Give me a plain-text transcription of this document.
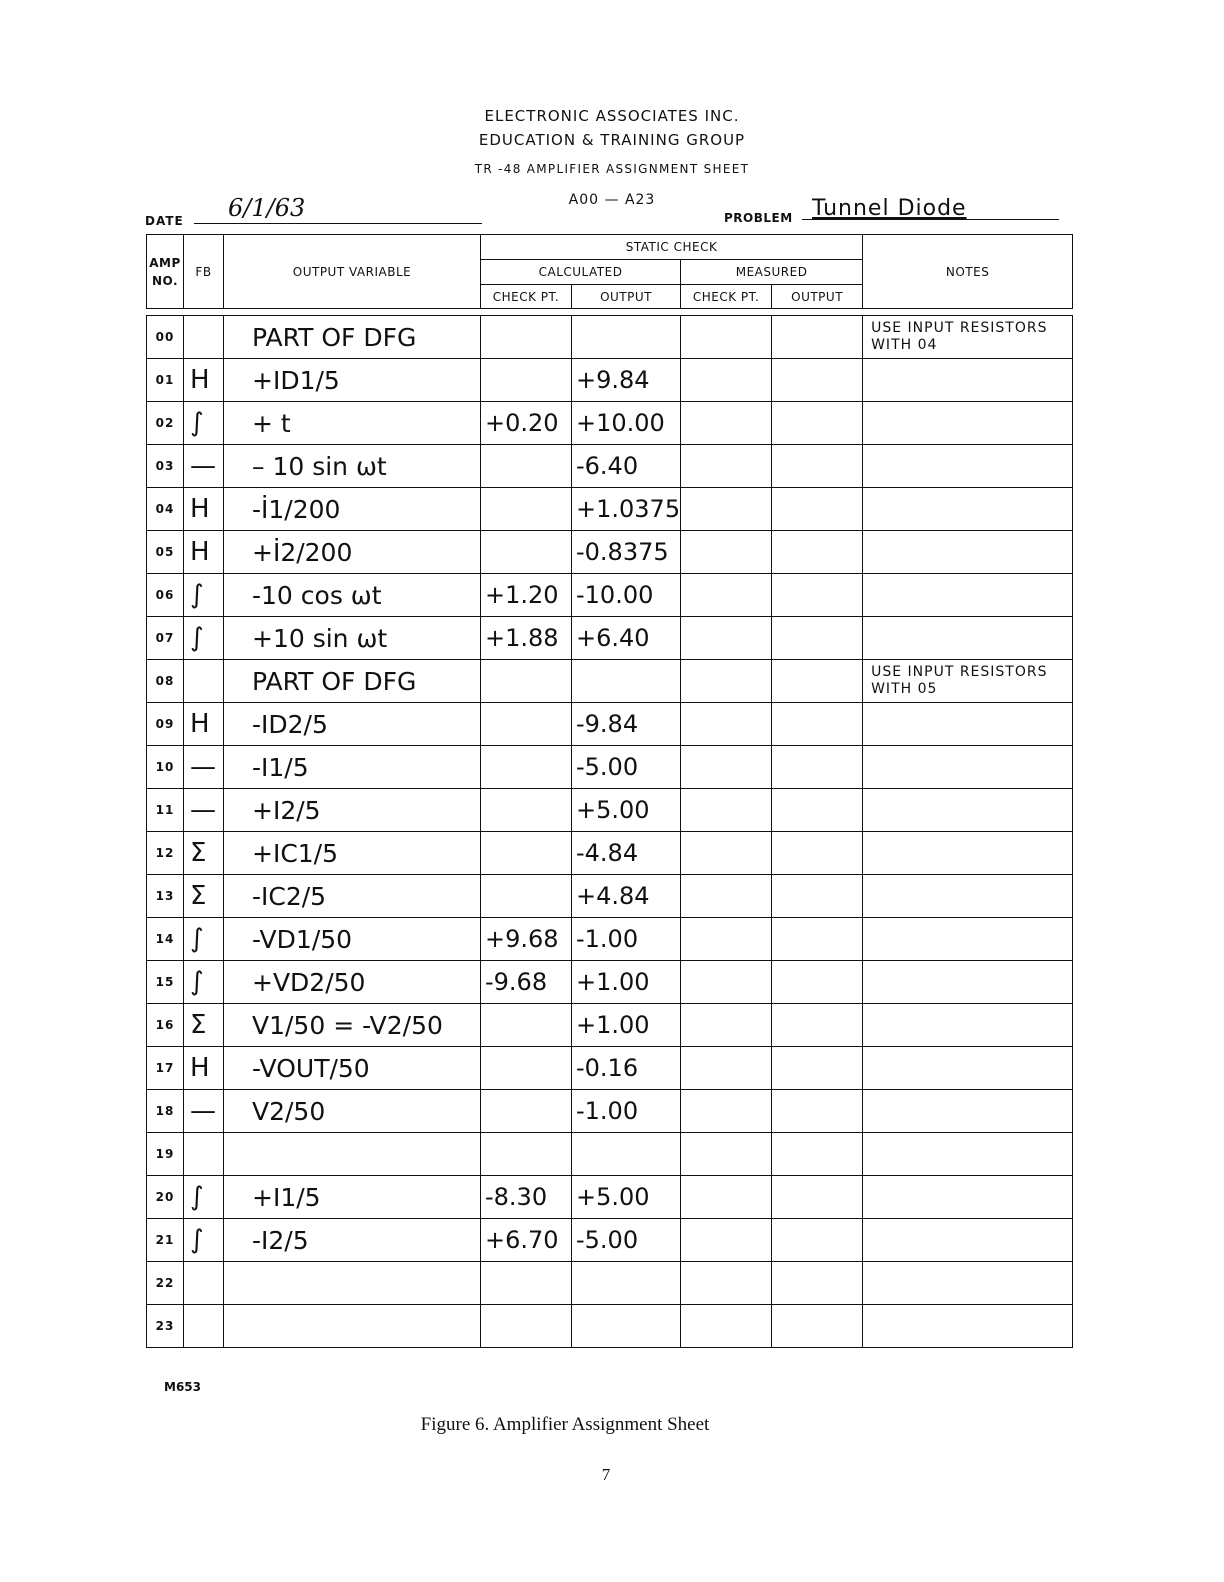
ELECTRONIC ASSOCIATES INC.
EDUCATION & TRAINING GROUP
TR -48 AMPLIFIER ASSIGNMENT SHEET
A00 — A23
DATE 6/1/63	PROBLEM Tunnel Diode
AMP NO.	FB	OUTPUT VARIABLE	STATIC CHECK				NOTES
			CALCULATED		MEASURED		
			CHECK PT.	OUTPUT	CHECK PT.	OUTPUT	

00		PART OF DFG					USE INPUT RESISTORS WITH 04
01	H	+ID1/5		+9.84			
02	∫	+ t	+0.20	+10.00			
03	—	– 10 sin ωt		-6.40			
04	H	-İ1/200		+1.0375			
05	H	+İ2/200		-0.8375			
06	∫	-10 cos ωt	+1.20	-10.00			
07	∫	+10 sin ωt	+1.88	+6.40			
08		PART OF DFG					USE INPUT RESISTORS WITH 05
09	H	-ID2/5		-9.84			
10	—	-I1/5		-5.00			
11	—	+I2/5		+5.00			
12	Σ	+IC1/5		-4.84			
13	Σ	-IC2/5		+4.84			
14	∫	-VD1/50	+9.68	-1.00			
15	∫	+VD2/50	-9.68	+1.00			
16	Σ	V1/50 = -V2/50		+1.00			
17	H	-VOUT/50		-0.16			
18	—	V2/50		-1.00			
19							
20	∫	+I1/5	-8.30	+5.00			
21	∫	-I2/5	+6.70	-5.00			
22							
23							
M653
Figure 6. Amplifier Assignment Sheet
7
